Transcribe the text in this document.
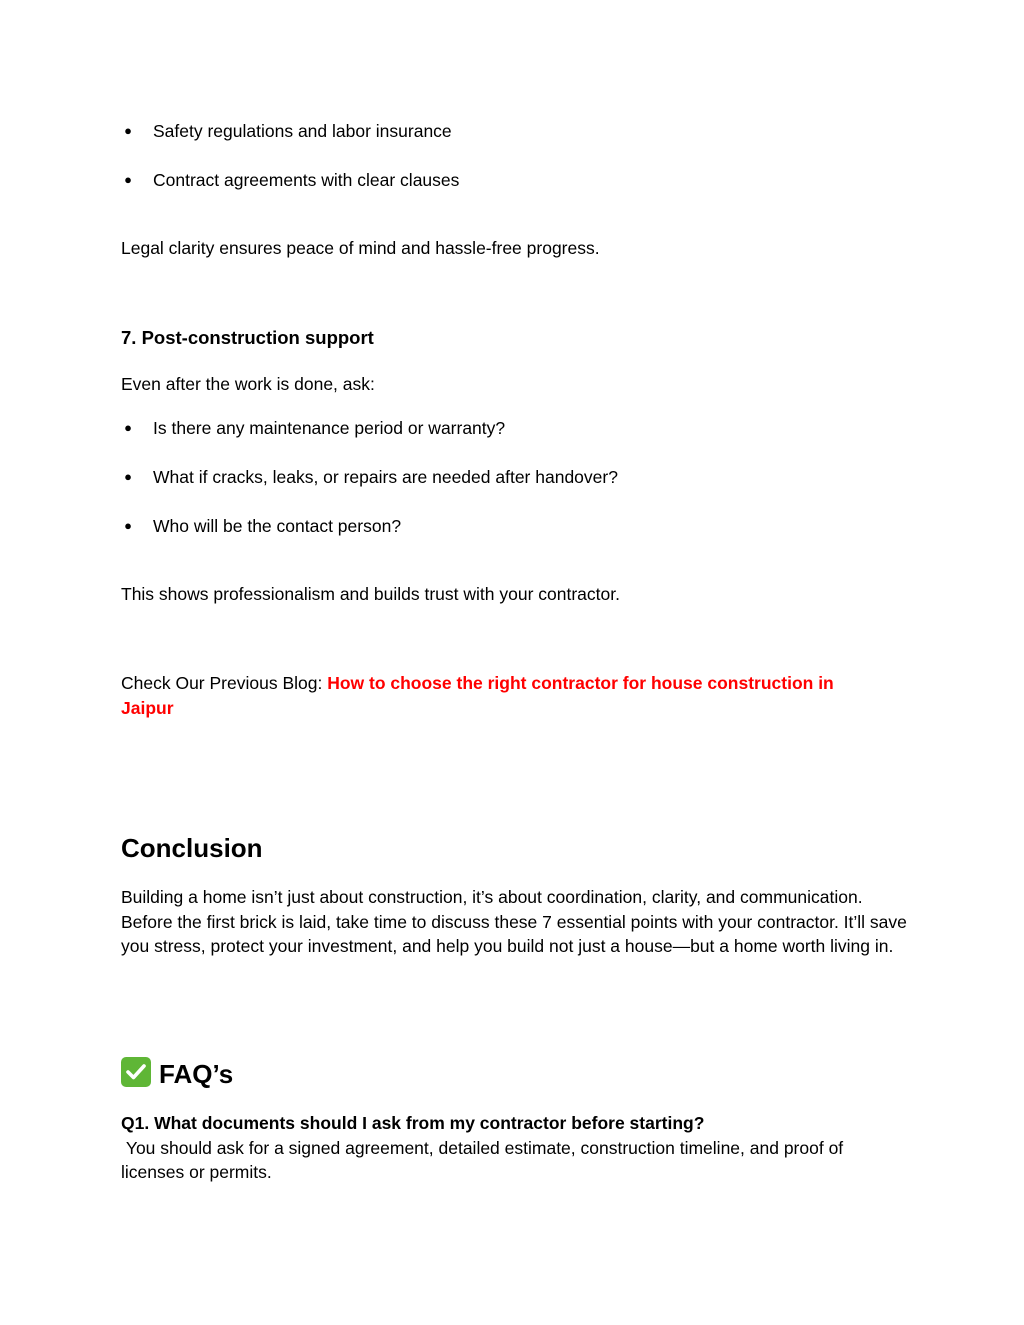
● Safety regulations and labor insurance
● Contract agreements with clear clauses
Legal clarity ensures peace of mind and hassle-free progress.
7. Post-construction support
Even after the work is done, ask:
● Is there any maintenance period or warranty?
● What if cracks, leaks, or repairs are needed after handover?
● Who will be the contact person?
This shows professionalism and builds trust with your contractor.
Check Our Previous Blog: How to choose the right contractor for house construction in Jaipur
Conclusion
Building a home isn’t just about construction, it’s about coordination, clarity, and communication. Before the first brick is laid, take time to discuss these 7 essential points with your contractor. It’ll save you stress, protect your investment, and help you build not just a house—but a home worth living in.
FAQ’s
Q1. What documents should I ask from my contractor before starting?
You should ask for a signed agreement, detailed estimate, construction timeline, and proof of licenses or permits.
